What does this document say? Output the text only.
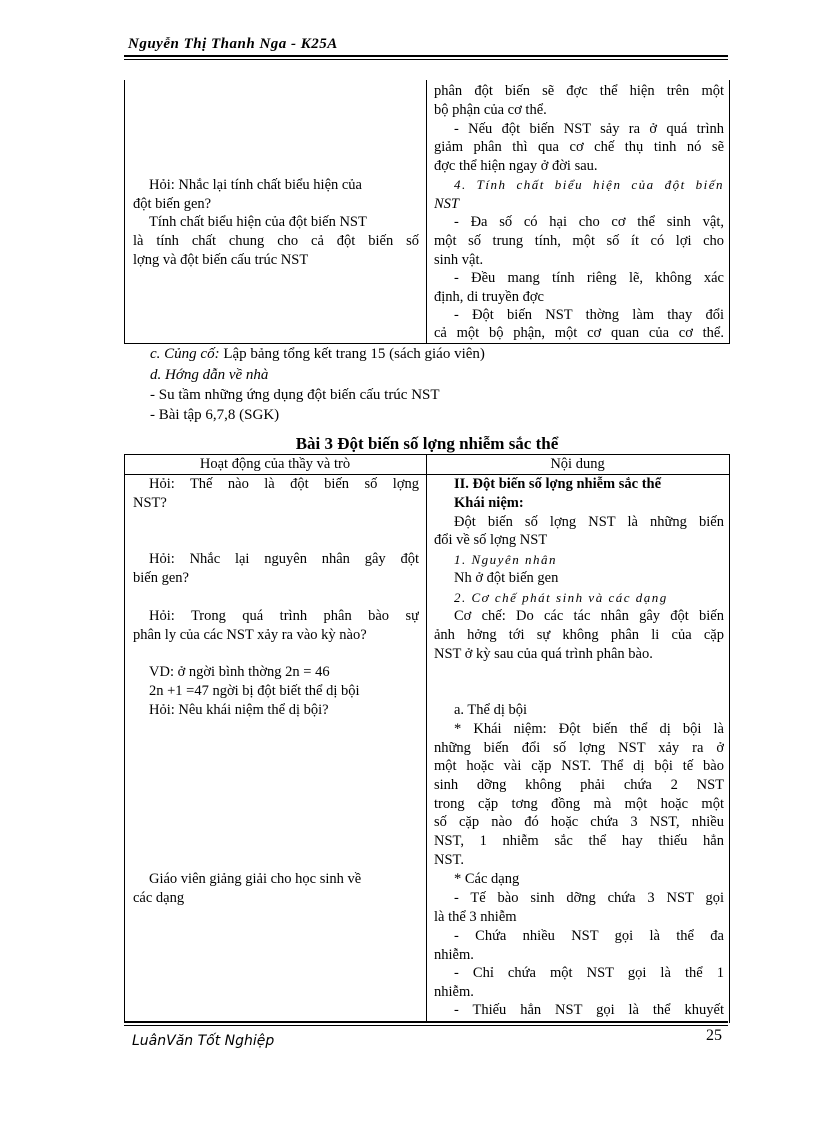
Nguyễn Thị Thanh Nga - K25A
Hỏi: Nhắc lại tính chất biểu hiện của
đột biến gen?
Tính chất biểu hiện của đột biến NST
là tính chất chung cho cả đột biến số
lợng và đột biến cấu trúc NST
phân đột biến sẽ đợc thể hiện trên một
bộ phận của cơ thể.
- Nếu đột biến NST sảy ra ở quá trình
giảm phân thì qua cơ chế thụ tinh nó sẽ
đợc thể hiện ngay ở đời sau.
4. Tính chất biểu hiện của đột biến
NST
- Đa số có hại cho cơ thể sinh vật,
một số trung tính, một số ít có lợi cho
sinh vật.
- Đều mang tính riêng lẽ, không xác
định, di truyền đợc
- Đột biến NST thờng làm thay đổi
cả một bộ phận, một cơ quan của cơ thể.
c. Củng cố: Lập bảng tổng kết trang 15 (sách giáo viên)
d. Hớng dẫn về nhà
- Su tầm những ứng dụng đột biến cấu trúc NST
- Bài tập 6,7,8 (SGK)
Bài 3 Đột biến số lợng nhiễm sắc thể
Hoạt động của thầy và trò	Nội dung
Hỏi: Thế nào là đột biến số lợng
NST?
Hỏi: Nhắc lại nguyên nhân gây đột
biến gen?
Hỏi: Trong quá trình phân bào sự
phân ly của các NST xảy ra vào kỳ nào?
VD: ở ngời bình thờng 2n = 46
2n +1 =47 ngời bị đột biết thể dị bội
Hỏi: Nêu khái niệm thể dị bội?
Giáo viên giảng giải cho học sinh về
các dạng
II. Đột biến số lợng nhiễm sắc thể
Khái niệm:
Đột biến số lợng NST là những biến
đổi về số lợng NST
1. Nguyên nhân
Nh ở đột biến gen
2. Cơ chế phát sinh và các dạng
Cơ chế: Do các tác nhân gây đột biến
ảnh hởng tới sự không phân li của cặp
NST ở kỳ sau của quá trình phân bào.
a. Thể dị bội
* Khái niệm: Đột biến thể dị bội là
những biến đổi số lợng NST xảy ra ở
một hoặc vài cặp NST. Thể dị bội tế bào
sinh dỡng không phải chứa 2 NST
trong cặp tơng đồng mà một hoặc một
số cặp nào đó hoặc chứa 3 NST, nhiều
NST, 1 nhiễm sắc thể hay thiếu hẳn
NST.
* Các dạng
- Tế bào sinh dỡng chứa 3 NST gọi
là thể 3 nhiễm
- Chứa nhiều NST gọi là thể đa
nhiễm.
- Chỉ chứa một NST gọi là thể 1
nhiễm.
- Thiếu hẳn NST gọi là thể khuyết
LuânVăn Tốt Nghiệp	25
